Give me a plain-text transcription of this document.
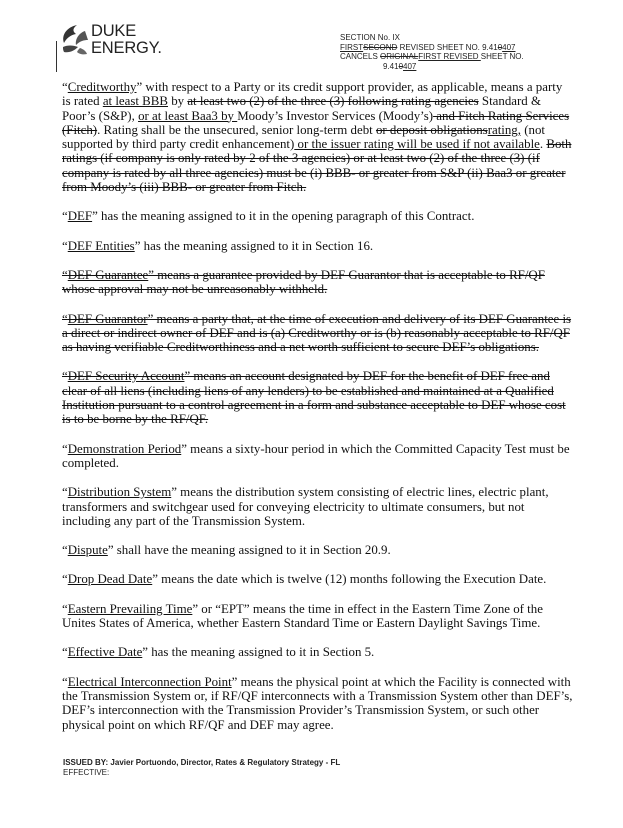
DUKE
ENERGY.
SECTION No. IX
FIRSTSECOND REVISED SHEET NO. 9.410407
CANCELS ORIGINALFIRST REVISED SHEET NO.
9.410407

“Creditworthy” with respect to a Party or its credit support provider, as applicable, means a party is rated at least BBB by at least two (2) of the three (3) following rating agencies Standard & Poor’s (S&P), or at least Baa3 by Moody’s Investor Services (Moody’s) and Fitch Rating Services (Fitch). Rating shall be the unsecured, senior long-term debt or deposit obligationsrating, (not supported by third party credit enhancement) or the issuer rating will be used if not available. Both ratings (if company is only rated by 2 of the 3 agencies) or at least two (2) of the three (3) (if company is rated by all three agencies) must be (i) BBB- or greater from S&P (ii) Baa3 or greater from Moody’s (iii) BBB- or greater from Fitch.

“DEF” has the meaning assigned to it in the opening paragraph of this Contract.

“DEF Entities” has the meaning assigned to it in Section 16.

“DEF Guarantee” means a guarantee provided by DEF Guarantor that is acceptable to RF/QF whose approval may not be unreasonably withheld.

“DEF Guarantor” means a party that, at the time of execution and delivery of its DEF Guarantee is a direct or indirect owner of DEF and is (a) Creditworthy or is (b) reasonably acceptable to RF/QF as having verifiable Creditworthiness and a net worth sufficient to secure DEF’s obligations.

“DEF Security Account” means an account designated by DEF for the benefit of DEF free and clear of all liens (including liens of any lenders) to be established and maintained at a Qualified Institution pursuant to a control agreement in a form and substance acceptable to DEF whose cost is to be borne by the RF/QF.

“Demonstration Period” means a sixty-hour period in which the Committed Capacity Test must be completed.

“Distribution System” means the distribution system consisting of electric lines, electric plant, transformers and switchgear used for conveying electricity to ultimate consumers, but not including any part of the Transmission System.

“Dispute” shall have the meaning assigned to it in Section 20.9.

“Drop Dead Date” means the date which is twelve (12) months following the Execution Date.

“Eastern Prevailing Time” or “EPT” means the time in effect in the Eastern Time Zone of the Unites States of America, whether Eastern Standard Time or Eastern Daylight Savings Time.

“Effective Date” has the meaning assigned to it in Section 5.

“Electrical Interconnection Point” means the physical point at which the Facility is connected with the Transmission System or, if RF/QF interconnects with a Transmission System other than DEF’s, DEF’s interconnection with the Transmission Provider’s Transmission System, or such other physical point on which RF/QF and DEF may agree.

ISSUED BY: Javier Portuondo, Director, Rates & Regulatory Strategy - FL
EFFECTIVE:
